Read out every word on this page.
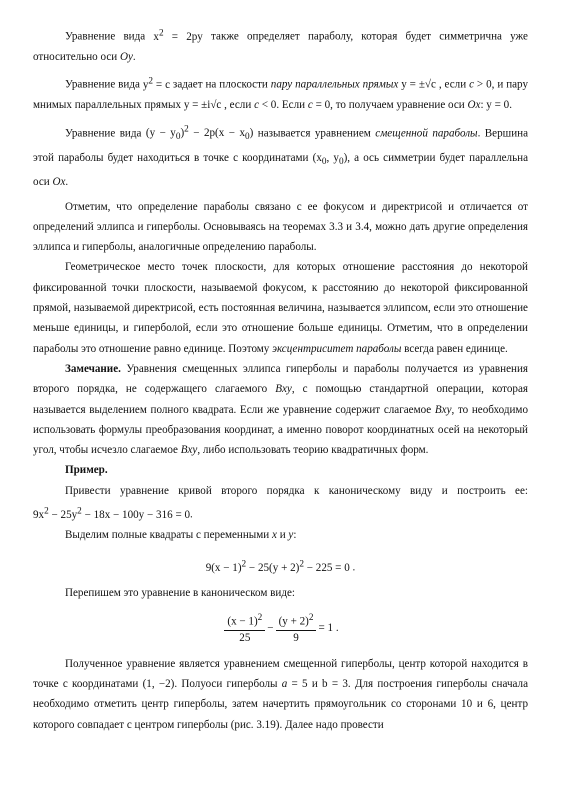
Уравнение вида $x^2 = 2py$ также определяет параболу, которая будет симметрична уже относительно оси Oy.

Уравнение вида $y^2 = c$ задает на плоскости пару параллельных прямых y = ±√c , если c > 0, и пару мнимых параллельных прямых y = ±i√c , если c < 0. Если c = 0, то получаем уравнение оси Ox: y = 0.

Уравнение вида $(y - y_0)^2 - 2p(x - x_0)$ называется уравнением смещенной параболы. Вершина этой параболы будет находиться в точке с координатами ($x_0$, $y_0$), а ось симметрии будет параллельна оси Ox.

Отметим, что определение параболы связано с ее фокусом и директрисой и отличается от определений эллипса и гиперболы. Основываясь на теоремах 3.3 и 3.4, можно дать другие определения эллипса и гиперболы, аналогичные определению параболы.

Геометрическое место точек плоскости, для которых отношение расстояния до некоторой фиксированной точки плоскости, называемой фокусом, к расстоянию до некоторой фиксированной прямой, называемой директрисой, есть постоянная величина, называется эллипсом, если это отношение меньше единицы, и гиперболой, если это отношение больше единицы. Отметим, что в определении параболы это отношение равно единице. Поэтому эксцентриситет параболы всегда равен единице.

Замечание. Уравнения смещенных эллипса гиперболы и параболы получается из уравнения второго порядка, не содержащего слагаемого Bxy, с помощью стандартной операции, которая называется выделением полного квадрата. Если же уравнение содержит слагаемое Bxy, то необходимо использовать формулы преобразования координат, а именно поворот координатных осей на некоторый угол, чтобы исчезло слагаемое Bxy, либо использовать теорию квадратичных форм.

Пример.

Привести уравнение кривой второго порядка к каноническому виду и построить ее: $9x^2 - 25y^2 - 18x - 100y - 316 = 0$.

Выделим полные квадраты с переменными x и y:

$9(x - 1)^2 - 25(y + 2)^2 - 225 = 0$ .

Перепишем это уравнение в каноническом виде:

$\frac{(x - 1)^2}{25} - \frac{(y + 2)^2}{9} = 1$ .

Полученное уравнение является уравнением смещенной гиперболы, центр которой находится в точке с координатами (1, −2). Полуоси гиперболы a = 5 и b = 3. Для построения гиперболы сначала необходимо отметить центр гиперболы, затем начертить прямоугольник со сторонами 10 и 6, центр которого совпадает с центром гиперболы (рис. 3.19). Далее надо провести
